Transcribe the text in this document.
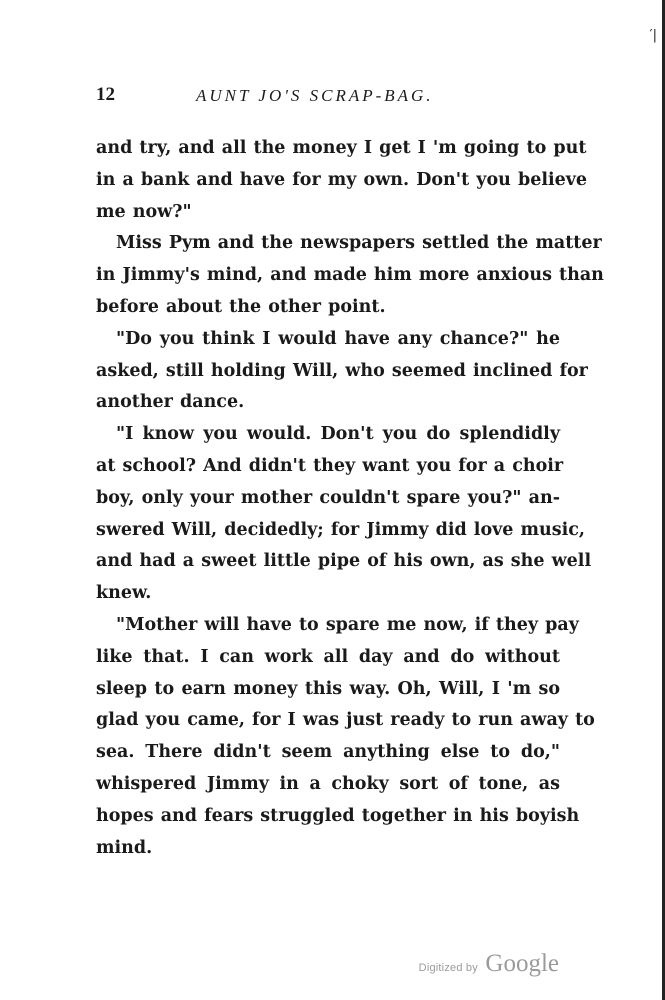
′|
12	AUNT JO'S SCRAP-BAG.
and try, and all the money I get I 'm going to put
in a bank and have for my own. Don't you believe
me now?"
Miss Pym and the newspapers settled the matter
in Jimmy's mind, and made him more anxious than
before about the other point.
"Do you think I would have any chance?" he
asked, still holding Will, who seemed inclined for
another dance.
"I know you would. Don't you do splendidly
at school? And didn't they want you for a choir
boy, only your mother couldn't spare you?" an-
swered Will, decidedly; for Jimmy did love music,
and had a sweet little pipe of his own, as she well
knew.
"Mother will have to spare me now, if they pay
like that. I can work all day and do without
sleep to earn money this way. Oh, Will, I 'm so
glad you came, for I was just ready to run away to
sea. There didn't seem anything else to do,"
whispered Jimmy in a choky sort of tone, as
hopes and fears struggled together in his boyish
mind.
Digitized by Google
